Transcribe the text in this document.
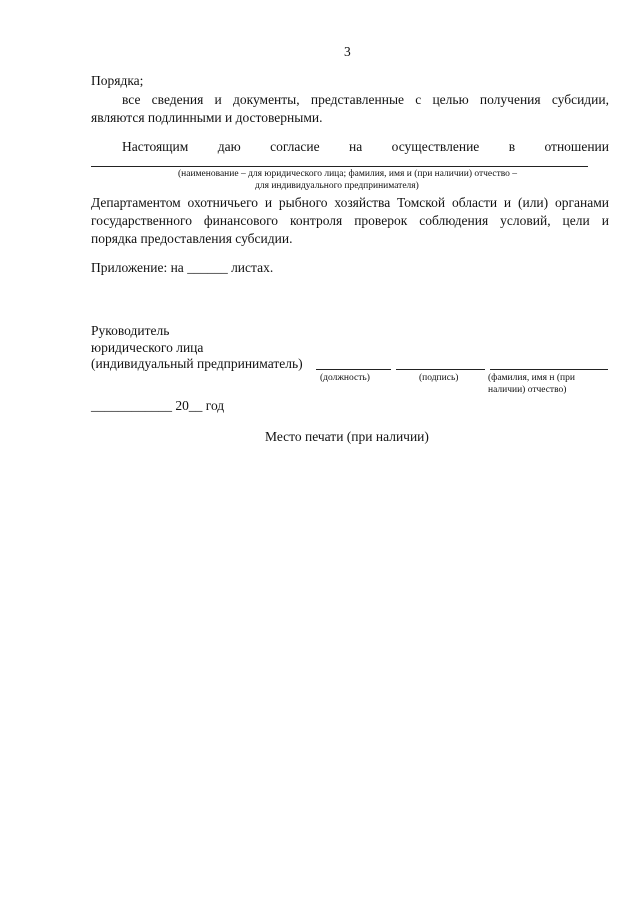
3
Порядка;
все сведения и документы, представленные с целью получения субсидии,
являются подлинными и достоверными.
Настоящим даю согласие на осуществление в отношении
(наименование – для юридического лица; фамилия, имя и (при наличии) отчество –
для индивидуального предпринимателя)
Департаментом охотничьего и рыбного хозяйства Томской области и (или) органами
государственного финансового контроля проверок соблюдения условий, цели и
порядка предоставления субсидии.
Приложение: на ______ листах.
Руководитель
юридического лица
(индивидуальный предприниматель)
(должность)	(подпись)	(фамилия, имя н (при
наличии) отчество)
____________ 20__ год
Место печати (при наличии)
